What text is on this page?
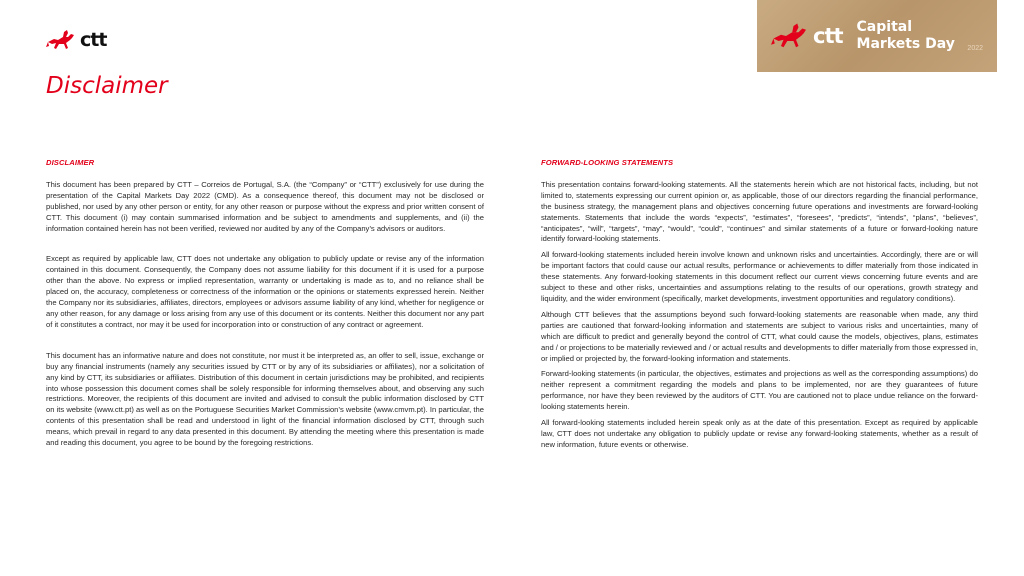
ctt
Disclaimer
ctt Capital
Markets Day 2022
DISCLAIMER

This document has been prepared by CTT – Correios de Portugal, S.A. (the “Company” or “CTT”) exclusively for use during the presentation of the Capital Markets Day 2022 (CMD). As a consequence thereof, this document may not be disclosed or published, nor used by any other person or entity, for any other reason or purpose without the express and prior written consent of CTT. This document (i) may contain summarised information and be subject to amendments and supplements, and (ii) the information contained herein has not been verified, reviewed nor audited by any of the Company’s advisors or auditors.

Except as required by applicable law, CTT does not undertake any obligation to publicly update or revise any of the information contained in this document. Consequently, the Company does not assume liability for this document if it is used for a purpose other than the above. No express or implied representation, warranty or undertaking is made as to, and no reliance shall be placed on, the accuracy, completeness or correctness of the information or the opinions or statements expressed herein. Neither the Company nor its subsidiaries, affiliates, directors, employees or advisors assume liability of any kind, whether for negligence or any other reason, for any damage or loss arising from any use of this document or its contents. Neither this document nor any part of it constitutes a contract, nor may it be used for incorporation into or construction of any contract or agreement.

This document has an informative nature and does not constitute, nor must it be interpreted as, an offer to sell, issue, exchange or buy any financial instruments (namely any securities issued by CTT or by any of its subsidiaries or affiliates), nor a solicitation of any kind by CTT, its subsidiaries or affiliates. Distribution of this document in certain jurisdictions may be prohibited, and recipients into whose possession this document comes shall be solely responsible for informing themselves about, and observing any such restrictions. Moreover, the recipients of this document are invited and advised to consult the public information disclosed by CTT on its website (www.ctt.pt) as well as on the Portuguese Securities Market Commission’s website (www.cmvm.pt). In particular, the contents of this presentation shall be read and understood in light of the financial information disclosed by CTT, through such means, which prevail in regard to any data presented in this document. By attending the meeting where this presentation is made and reading this document, you agree to be bound by the foregoing restrictions.

FORWARD-LOOKING STATEMENTS

This presentation contains forward-looking statements. All the statements herein which are not historical facts, including, but not limited to, statements expressing our current opinion or, as applicable, those of our directors regarding the financial performance, the business strategy, the management plans and objectives concerning future operations and investments are forward-looking statements. Statements that include the words “expects”, “estimates”, “foresees”, “predicts”, “intends”, “plans”, “believes”, “anticipates”, “will”, “targets”, “may”, “would”, “could”, “continues” and similar statements of a future or forward-looking nature identify forward-looking statements.

All forward-looking statements included herein involve known and unknown risks and uncertainties. Accordingly, there are or will be important factors that could cause our actual results, performance or achievements to differ materially from those indicated in these statements. Any forward-looking statements in this document reflect our current views concerning future events and are subject to these and other risks, uncertainties and assumptions relating to the results of our operations, growth strategy and liquidity, and the wider environment (specifically, market developments, investment opportunities and regulatory conditions).

Although CTT believes that the assumptions beyond such forward-looking statements are reasonable when made, any third parties are cautioned that forward-looking information and statements are subject to various risks and uncertainties, many of which are difficult to predict and generally beyond the control of CTT, what could cause the models, objectives, plans, estimates and / or projections to be materially reviewed and / or actual results and developments to differ materially from those expressed in, or implied or projected by, the forward-looking information and statements.

Forward-looking statements (in particular, the objectives, estimates and projections as well as the corresponding assumptions) do neither represent a commitment regarding the models and plans to be implemented, nor are they guarantees of future performance, nor have they been reviewed by the auditors of CTT. You are cautioned not to place undue reliance on the forward-looking statements herein.

All forward-looking statements included herein speak only as at the date of this presentation. Except as required by applicable law, CTT does not undertake any obligation to publicly update or revise any forward-looking statements, whether as a result of new information, future events or otherwise.
